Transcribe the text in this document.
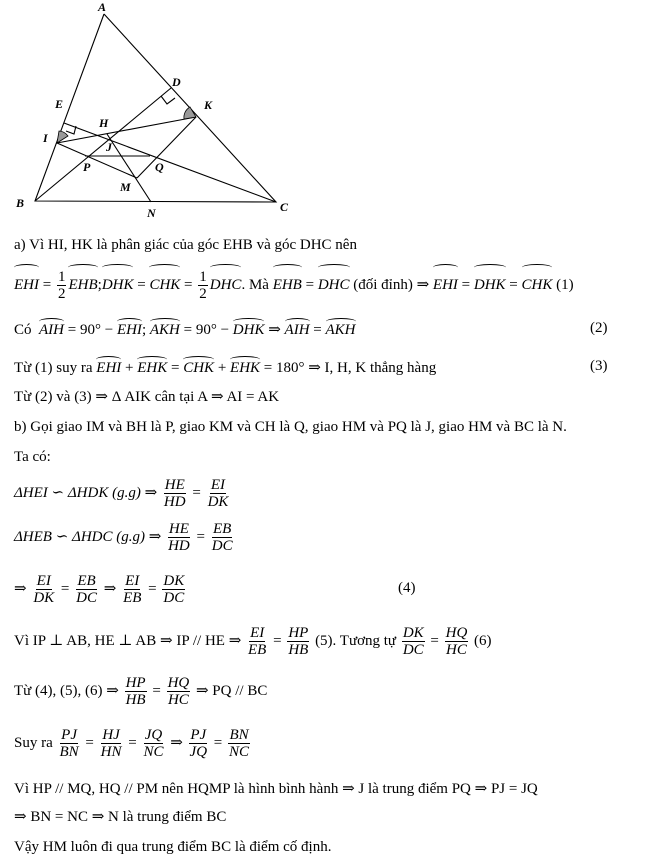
A
B	C
D
E
H
I
J
K
M
N
P	Q
a) Vì HI, HK là phân giác của góc EHB và góc DHC nên
EHI = $\frac{1}{2}$ EHB;DHK = CHK = $\frac{1}{2}$ DHC. Mà EHB = DHC (đối đỉnh) ⇒ EHI = DHK = CHK (1)
Có AIH = 90° − EHI; AKH = 90° − DHK ⇒ AIH = AKH	(2)
Từ (1) suy ra EHI + EHK = CHK + EHK = 180° ⇒ I, H, K thẳng hàng	(3)
Từ (2) và (3) ⇒ Δ AIK cân tại A ⇒ AI = AK
b) Gọi giao IM và BH là P, giao KM và CH là Q, giao HM và PQ là J, giao HM và BC là N.
Ta có:
ΔHEI ∽ ΔHDK (g.g) ⇒ $\frac{HE}{HD} = \frac{EI}{DK}$
ΔHEB ∽ ΔHDC (g.g) ⇒ $\frac{HE}{HD} = \frac{EB}{DC}$
⇒ $\frac{EI}{DK} = \frac{EB}{DC}$ ⇒ $\frac{EI}{EB} = \frac{DK}{DC}$	(4)
Vì IP ⊥ AB, HE ⊥ AB ⇒ IP // HE ⇒ $\frac{EI}{EB} = \frac{HP}{HB} (5)$. Tương tự $\frac{DK}{DC} = \frac{HQ}{HC} (6)$
Từ (4), (5), (6) ⇒ $\frac{HP}{HB} = \frac{HQ}{HC}$ ⇒ PQ // BC
Suy ra $\frac{PJ}{BN} = \frac{HJ}{HN} = \frac{JQ}{NC}$ ⇒ $\frac{PJ}{JQ} = \frac{BN}{NC}$
Vì HP // MQ, HQ // PM nên HQMP là hình bình hành ⇒ J là trung điểm PQ ⇒ PJ = JQ
⇒ BN = NC ⇒ N là trung điểm BC
Vậy HM luôn đi qua trung điểm BC là điểm cố định.
